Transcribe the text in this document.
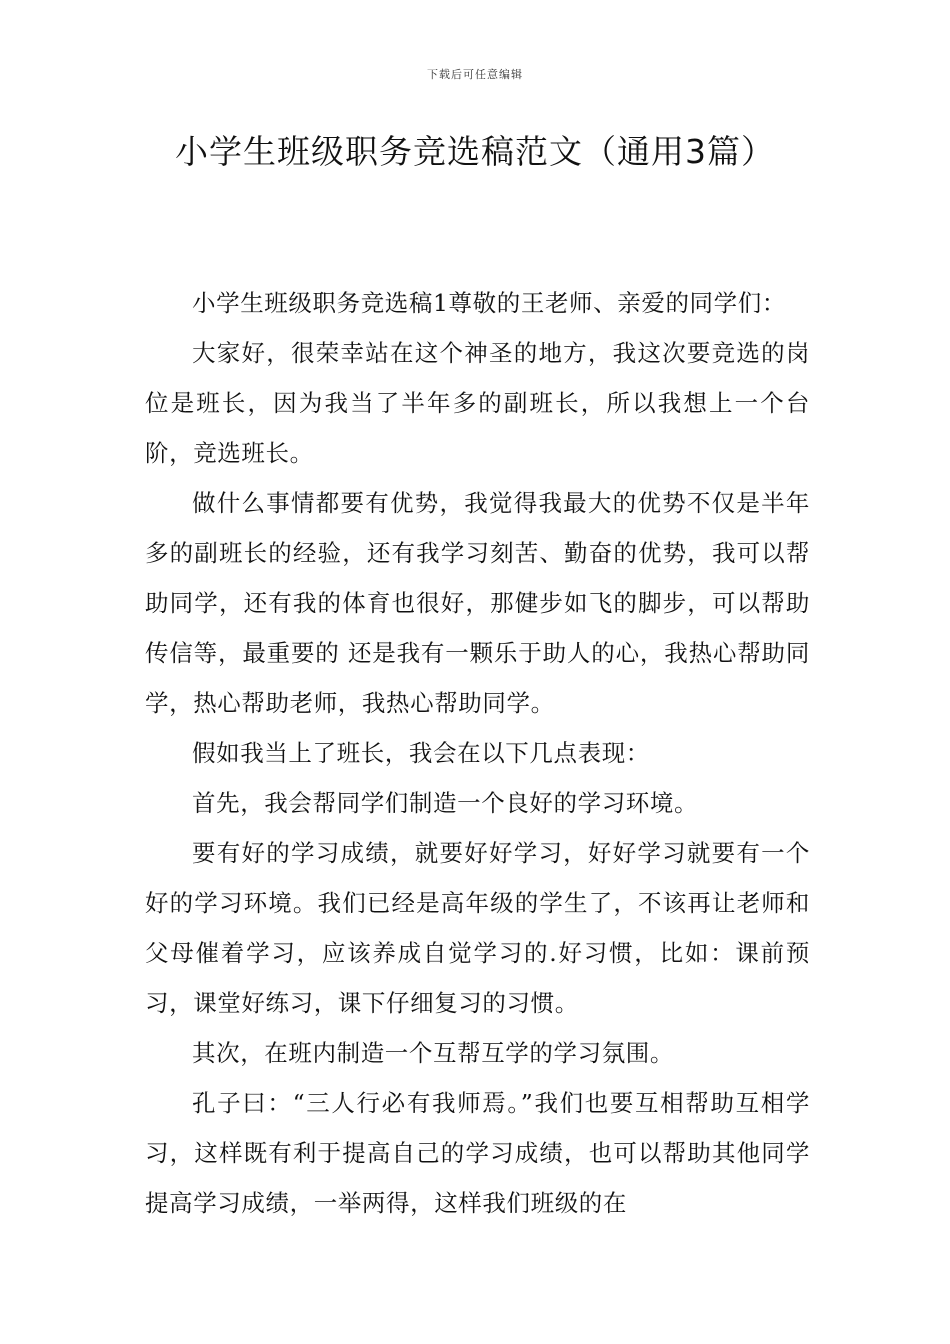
下载后可任意编辑
小学生班级职务竞选稿范文（通用3篇）

小学生班级职务竞选稿1尊敬的王老师、亲爱的同学们：

大家好，很荣幸站在这个神圣的地方，我这次要竞选的岗位是班长，因为我当了半年多的副班长，所以我想上一个台阶，竞选班长。

做什么事情都要有优势，我觉得我最大的优势不仅是半年多的副班长的经验，还有我学习刻苦、勤奋的优势，我可以帮助同学，还有我的体育也很好，那健步如飞的脚步，可以帮助传信等，最重要的 还是我有一颗乐于助人的心，我热心帮助同学，热心帮助老师，我热心帮助同学。

假如我当上了班长，我会在以下几点表现：

首先，我会帮同学们制造一个良好的学习环境。

要有好的学习成绩，就要好好学习，好好学习就要有一个好的学习环境。我们已经是高年级的学生了，不该再让老师和父母催着学习，应该养成自觉学习的.好习惯，比如：课前预习，课堂好练习，课下仔细复习的习惯。

其次，在班内制造一个互帮互学的学习氛围。

孔子曰：“三人行必有我师焉。”我们也要互相帮助互相学习，这样既有利于提高自己的学习成绩，也可以帮助其他同学提高学习成绩，一举两得，这样我们班级的在
